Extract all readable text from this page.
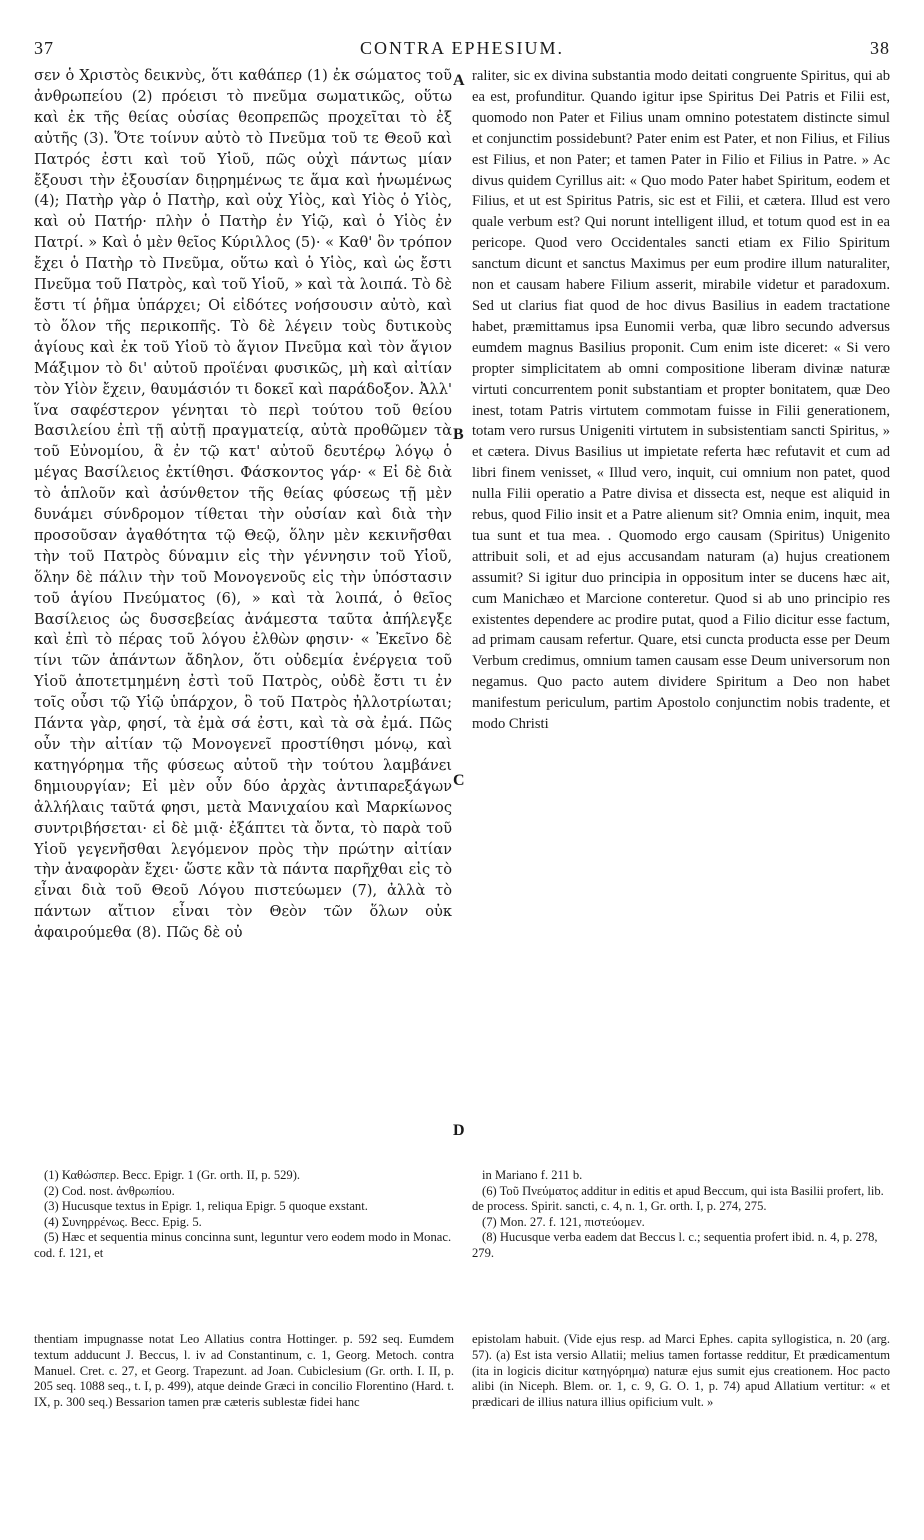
37	CONTRA EPHESIUM.	38
σεν ὁ Χριστὸς δεικνὺς, ὅτι καθάπερ (1) ἐκ σώματος τοῦ ἀνθρωπείου (2) πρόεισι τὸ πνεῦμα σωματικῶς, οὕτω καὶ ἐκ τῆς θείας οὐσίας θεοπρεπῶς προχεῖται τὸ ἐξ αὐτῆς (3). Ὅτε τοίνυν αὐτὸ τὸ Πνεῦμα τοῦ τε Θεοῦ καὶ Πατρός ἐστι καὶ τοῦ Υἱοῦ, πῶς οὐχὶ πάντως μίαν ἔξουσι τὴν ἐξουσίαν διῃρημένως τε ἅμα καὶ ἡνωμένως (4); Πατὴρ γὰρ ὁ Πατὴρ, καὶ οὐχ Υἱὸς, καὶ Υἱὸς ὁ Υἱὸς, καὶ οὐ Πατήρ· πλὴν ὁ Πατὴρ ἐν Υἱῷ, καὶ ὁ Υἱὸς ἐν Πατρί. » Καὶ ὁ μὲν θεῖος Κύριλλος (5)· « Καθ' ὃν τρόπον ἔχει ὁ Πατὴρ τὸ Πνεῦμα, οὕτω καὶ ὁ Υἱὸς, καὶ ὡς ἔστι Πνεῦμα τοῦ Πατρὸς, καὶ τοῦ Υἱοῦ, » καὶ τὰ λοιπά. Τὸ δὲ ἔστι τί ῥῆμα ὑπάρχει; Οἱ εἰδότες νοήσουσιν αὐτὸ, καὶ τὸ ὅλον τῆς περικοπῆς. Τὸ δὲ λέγειν τοὺς δυτικοὺς ἁγίους καὶ ἐκ τοῦ Υἱοῦ τὸ ἅγιον Πνεῦμα καὶ τὸν ἅγιον Μάξιμον τὸ δι' αὐτοῦ προϊέναι φυσικῶς, μὴ καὶ αἰτίαν τὸν Υἱὸν ἔχειν, θαυμάσιόν τι δοκεῖ καὶ παράδοξον. Ἀλλ' ἵνα σαφέστερον γένηται τὸ περὶ τούτου τοῦ θείου Βασιλείου ἐπὶ τῇ αὐτῇ πραγματείᾳ, αὐτὰ προθῶμεν τὰ τοῦ Εὐνομίου, ἃ ἐν τῷ κατ' αὐτοῦ δευτέρῳ λόγῳ ὁ μέγας Βασίλειος ἐκτίθησι. Φάσκοντος γάρ· « Εἰ δὲ διὰ τὸ ἁπλοῦν καὶ ἀσύνθετον τῆς θείας φύσεως τῇ μὲν δυνάμει σύνδρομον τίθεται τὴν οὐσίαν καὶ διὰ τὴν προσοῦσαν ἀγαθότητα τῷ Θεῷ, ὅλην μὲν κεκινῆσθαι τὴν τοῦ Πατρὸς δύναμιν εἰς τὴν γέννησιν τοῦ Υἱοῦ, ὅλην δὲ πάλιν τὴν τοῦ Μονογενοῦς εἰς τὴν ὑπόστασιν τοῦ ἁγίου Πνεύματος (6), » καὶ τὰ λοιπά, ὁ θεῖος Βασίλειος ὡς δυσσεβείας ἀνάμεστα ταῦτα ἀπήλεγξε καὶ ἐπὶ τὸ πέρας τοῦ λόγου ἐλθὼν φησιν· « Ἐκεῖνο δὲ τίνι τῶν ἁπάντων ἄδηλον, ὅτι οὐδεμία ἐνέργεια τοῦ Υἱοῦ ἀποτετμημένη ἐστὶ τοῦ Πατρὸς, οὐδὲ ἔστι τι ἐν τοῖς οὖσι τῷ Υἱῷ ὑπάρχον, ὃ τοῦ Πατρὸς ἠλλοτρίωται; Πάντα γὰρ, φησί, τὰ ἐμὰ σά ἐστι, καὶ τὰ σὰ ἐμά. Πῶς οὖν τὴν αἰτίαν τῷ Μονογενεῖ προστίθησι μόνῳ, καὶ κατηγόρημα τῆς φύσεως αὐτοῦ τὴν τούτου λαμβάνει δημιουργίαν; Εἰ μὲν οὖν δύο ἀρχὰς ἀντιπαρεξάγων ἀλλήλαις ταῦτά φησι, μετὰ Μανιχαίου καὶ Μαρκίωνος συντριβήσεται· εἰ δὲ μιᾷ· ἐξάπτει τὰ ὄντα, τὸ παρὰ τοῦ Υἱοῦ γεγενῆσθαι λεγόμενον πρὸς τὴν πρώτην αἰτίαν τὴν ἀναφορὰν ἔχει· ὥστε κἂν τὰ πάντα παρῆχθαι εἰς τὸ εἶναι διὰ τοῦ Θεοῦ Λόγου πιστεύωμεν (7), ἀλλὰ τὸ πάντων αἴτιον εἶναι τὸν Θεὸν τῶν ὅλων οὐκ ἀφαιρούμεθα (8). Πῶς δὲ οὐ
raliter, sic ex divina substantia modo deitati congruente Spiritus, qui ab ea est, profunditur. Quando igitur ipse Spiritus Dei Patris et Filii est, quomodo non Pater et Filius unam omnino potestatem distincte simul et conjunctim possidebunt? Pater enim est Pater, et non Filius, et Filius est Filius, et non Pater; et tamen Pater in Filio et Filius in Patre. » Ac divus quidem Cyrillus ait: « Quo modo Pater habet Spiritum, eodem et Filius, et ut est Spiritus Patris, sic est et Filii, et cætera. Illud est vero quale verbum est? Qui norunt intelligent illud, et totum quod est in ea pericope. Quod vero Occidentales sancti etiam ex Filio Spiritum sanctum dicunt et sanctus Maximus per eum prodire illum naturaliter, non et causam habere Filium asserit, mirabile videtur et paradoxum. Sed ut clarius fiat quod de hoc divus Basilius in eadem tractatione habet, præmittamus ipsa Eunomii verba, quæ libro secundo adversus eumdem magnus Basilius proponit. Cum enim iste diceret: « Si vero propter simplicitatem ab omni compositione liberam divinæ naturæ virtuti concurrentem ponit substantiam et propter bonitatem, quæ Deo inest, totam Patris virtutem commotam fuisse in Filii generationem, totam vero rursus Unigeniti virtutem in subsistentiam sancti Spiritus, » et cætera. Divus Basilius ut impietate referta hæc refutavit et cum ad libri finem venisset, « Illud vero, inquit, cui omnium non patet, quod nulla Filii operatio a Patre divisa et dissecta est, neque est aliquid in rebus, quod Filio insit et a Patre alienum sit? Omnia enim, inquit, mea tua sunt et tua mea. . Quomodo ergo causam (Spiritus) Unigenito attribuit soli, et ad ejus accusandam naturam (a) hujus creationem assumit? Si igitur duo principia in oppositum inter se ducens hæc ait, cum Manichæo et Marcione conteretur. Quod si ab uno principio res existentes dependere ac prodire putat, quod a Filio dicitur esse factum, ad primam causam refertur. Quare, etsi cuncta producta esse per Deum Verbum credimus, omnium tamen causam esse Deum universorum non negamus. Quo pacto autem dividere Spiritum a Deo non habet manifestum periculum, partim Apostolo conjunctim nobis tradente, et modo Christi
A
B
C
D
(1) Καθώσπερ. Becc. Epigr. 1 (Gr. orth. II, p. 529).
(2) Cod. nost. ἀνθρωπίου.
(3) Hucusque textus in Epigr. 1, reliqua Epigr. 5 quoque exstant.
(4) Συνηρρένως. Becc. Epig. 5.
(5) Hæc et sequentia minus concinna sunt, leguntur vero eodem modo in Monac. cod. f. 121, et
in Mariano f. 211 b.
(6) Τοῦ Πνεύματος additur in editis et apud Beccum, qui ista Basilii profert, lib. de process. Spirit. sancti, c. 4, n. 1, Gr. orth. I, p. 274, 275.
(7) Mon. 27. f. 121, πιστεύομεν.
(8) Hucusque verba eadem dat Beccus l. c.; sequentia profert ibid. n. 4, p. 278, 279.
thentiam impugnasse notat Leo Allatius contra Hottinger. p. 592 seq. Eumdem textum adducunt J. Beccus, l. iv ad Constantinum, c. 1, Georg. Metoch. contra Manuel. Cret. c. 27, et Georg. Trapezunt. ad Joan. Cubiclesium (Gr. orth. I. II, p. 205 seq. 1088 seq., t. I, p. 499), atque deinde Græci in concilio Florentino (Hard. t. IX, p. 300 seq.) Bessarion tamen præ cæteris sublestæ fidei hanc
epistolam habuit. (Vide ejus resp. ad Marci Ephes. capita syllogistica, n. 20 (arg. 57). (a) Est ista versio Allatii; melius tamen fortasse redditur, Et prædicamentum (ita in logicis dicitur κατηγόρημα) naturæ ejus sumit ejus creationem. Hoc pacto alibi (in Niceph. Blem. or. 1, c. 9, G. O. 1, p. 74) apud Allatium vertitur: « et prædicari de illius natura illius opificium vult. »
